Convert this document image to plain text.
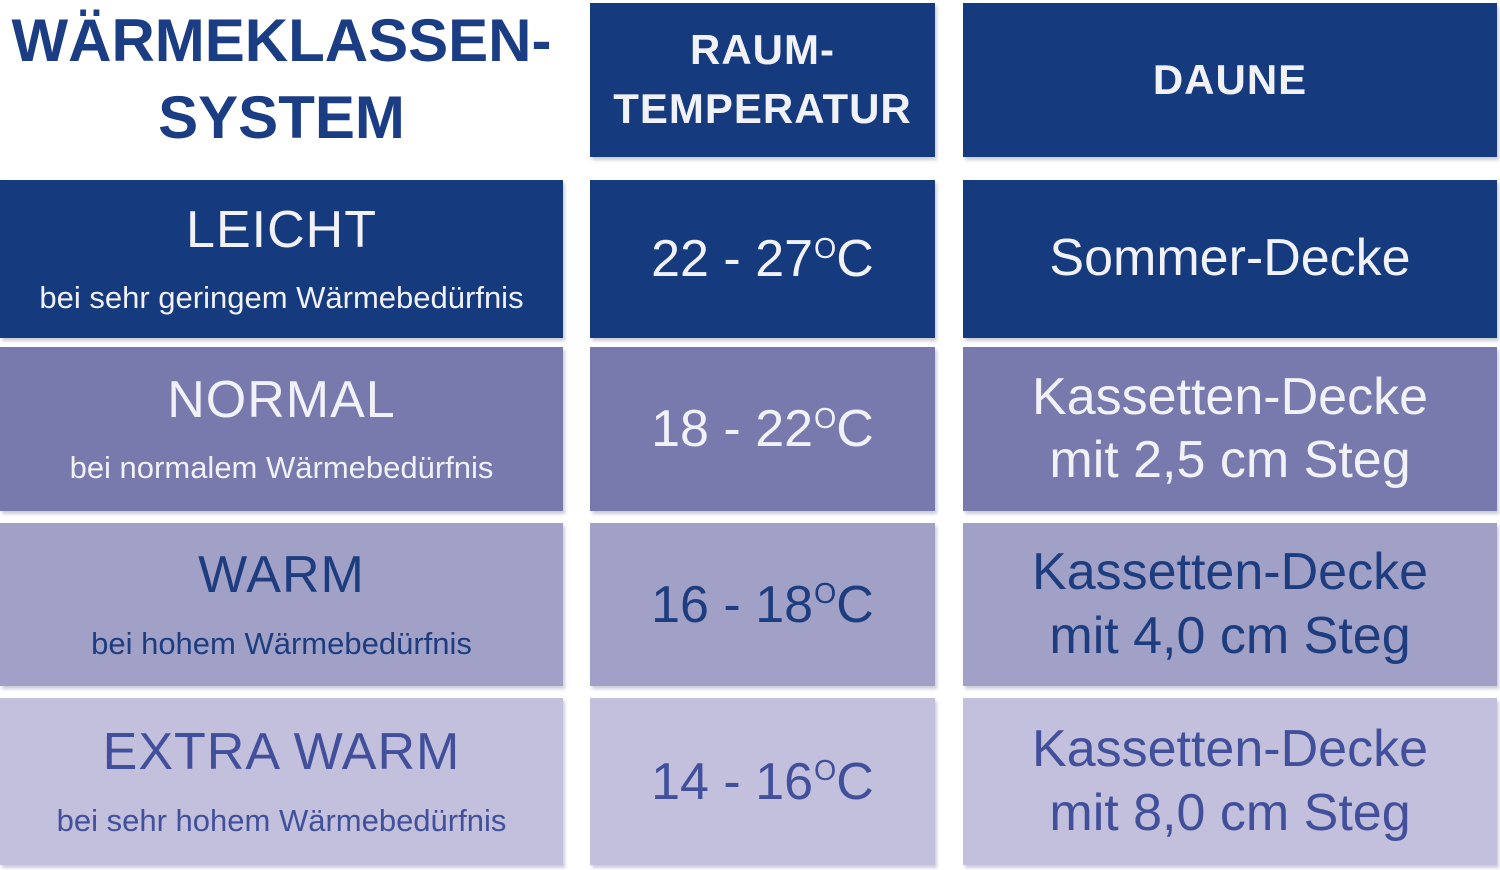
WÄRMEKLASSEN-
SYSTEM
RAUM-
TEMPERATUR
DAUNE
LEICHT
bei sehr geringem Wärmebedürfnis
$22 - 27^OC$	Sommer-Decke
NORMAL
bei normalem Wärmebedürfnis
$18 - 22^OC$
Kassetten-Decke
mit 2,5 cm Steg
WARM
bei hohem Wärmebedürfnis
$16 - 18^OC$
Kassetten-Decke
mit 4,0 cm Steg
EXTRA WARM
bei sehr hohem Wärmebedürfnis
$14 - 16^OC$
Kassetten-Decke
mit 8,0 cm Steg
